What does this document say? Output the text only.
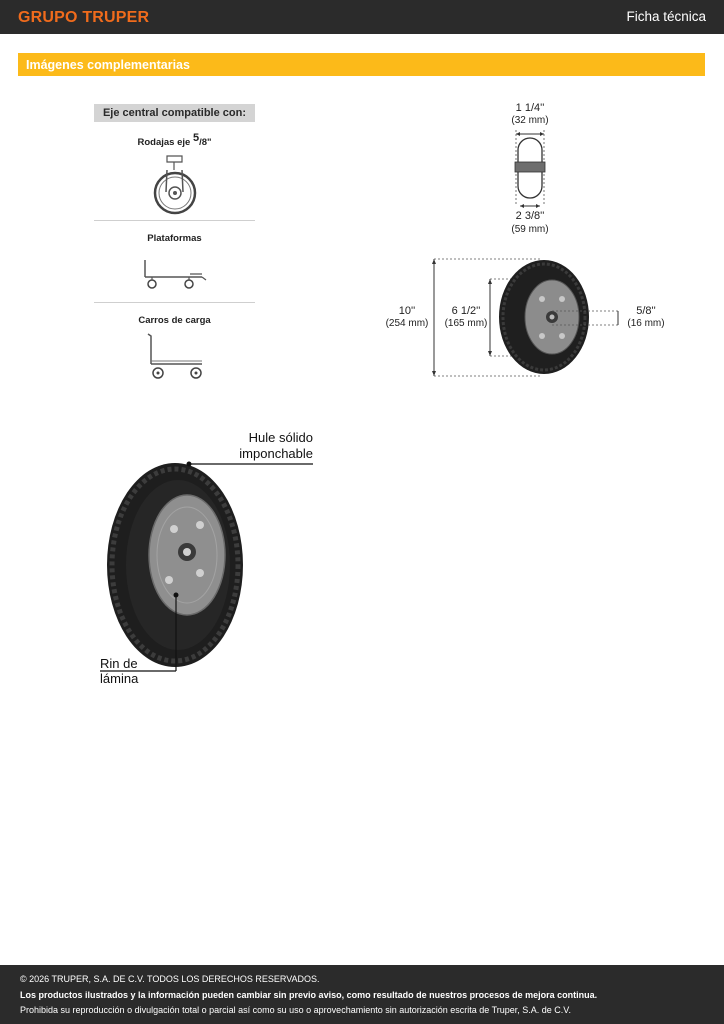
GRUPO TRUPER	Ficha técnica
Imágenes complementarias
Eje central compatible con:
Rodajas eje $^5$/8"
Plataformas
Carros de carga
1 1/4''
(32 mm)
2 3/8''
(59 mm)
10''
(254 mm)
6 1/2''
(165 mm)
5/8''
(16 mm)
Hule sólido
imponchable
Rin de lámina

© 2026 TRUPER, S.A. DE C.V. TODOS LOS DERECHOS RESERVADOS.

Los productos ilustrados y la información pueden cambiar sin previo aviso, como resultado de nuestros procesos de mejora continua.

Prohibida su reproducción o divulgación total o parcial así como su uso o aprovechamiento sin autorización escrita de Truper, S.A. de C.V.
